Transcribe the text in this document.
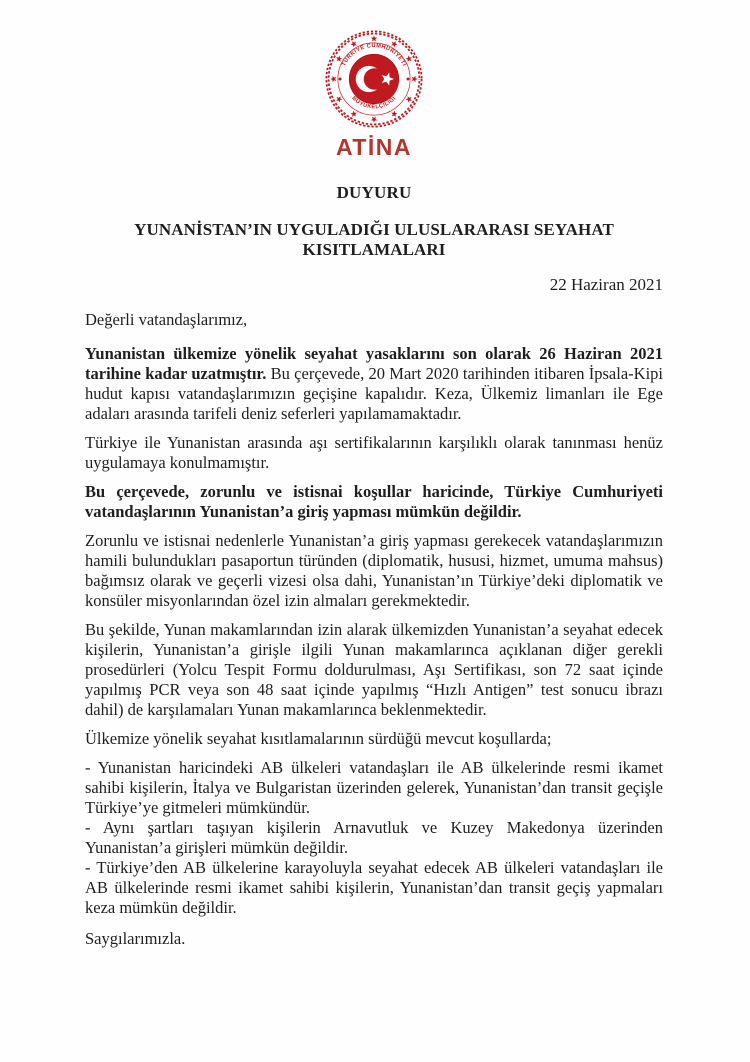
TÜRKİYE CUMHURİYETİ
BÜYÜKELÇİLİĞİ
ATİNA
DUYURU
YUNANİSTAN’IN UYGULADIĞI ULUSLARARASI SEYAHAT KISITLAMALARI
22 Haziran 2021

Değerli vatandaşlarımız,

Yunanistan ülkemize yönelik seyahat yasaklarını son olarak 26 Haziran 2021 tarihine kadar uzatmıştır. Bu çerçevede, 20 Mart 2020 tarihinden itibaren İpsala-Kipi hudut kapısı vatandaşlarımızın geçişine kapalıdır. Keza, Ülkemiz limanları ile Ege adaları arasında tarifeli deniz seferleri yapılamamaktadır.

Türkiye ile Yunanistan arasında aşı sertifikalarının karşılıklı olarak tanınması henüz uygulamaya konulmamıştır.

Bu çerçevede, zorunlu ve istisnai koşullar haricinde, Türkiye Cumhuriyeti vatandaşlarının Yunanistan’a giriş yapması mümkün değildir.

Zorunlu ve istisnai nedenlerle Yunanistan’a giriş yapması gerekecek vatandaşlarımızın hamili bulundukları pasaportun türünden (diplomatik, hususi, hizmet, umuma mahsus) bağımsız olarak ve geçerli vizesi olsa dahi, Yunanistan’ın Türkiye’deki diplomatik ve konsüler misyonlarından özel izin almaları gerekmektedir.

Bu şekilde, Yunan makamlarından izin alarak ülkemizden Yunanistan’a seyahat edecek kişilerin, Yunanistan’a girişle ilgili Yunan makamlarınca açıklanan diğer gerekli prosedürleri (Yolcu Tespit Formu doldurulması, Aşı Sertifikası, son 72 saat içinde yapılmış PCR veya son 48 saat içinde yapılmış “Hızlı Antigen” test sonucu ibrazı dahil) de karşılamaları Yunan makamlarınca beklenmektedir.

Ülkemize yönelik seyahat kısıtlamalarının sürdüğü mevcut koşullarda;

- Yunanistan haricindeki AB ülkeleri vatandaşları ile AB ülkelerinde resmi ikamet sahibi kişilerin, İtalya ve Bulgaristan üzerinden gelerek, Yunanistan’dan transit geçişle Türkiye’ye gitmeleri mümkündür.

- Aynı şartları taşıyan kişilerin Arnavutluk ve Kuzey Makedonya üzerinden Yunanistan’a girişleri mümkün değildir.

- Türkiye’den AB ülkelerine karayoluyla seyahat edecek AB ülkeleri vatandaşları ile AB ülkelerinde resmi ikamet sahibi kişilerin, Yunanistan’dan transit geçiş yapmaları keza mümkün değildir.

Saygılarımızla.
